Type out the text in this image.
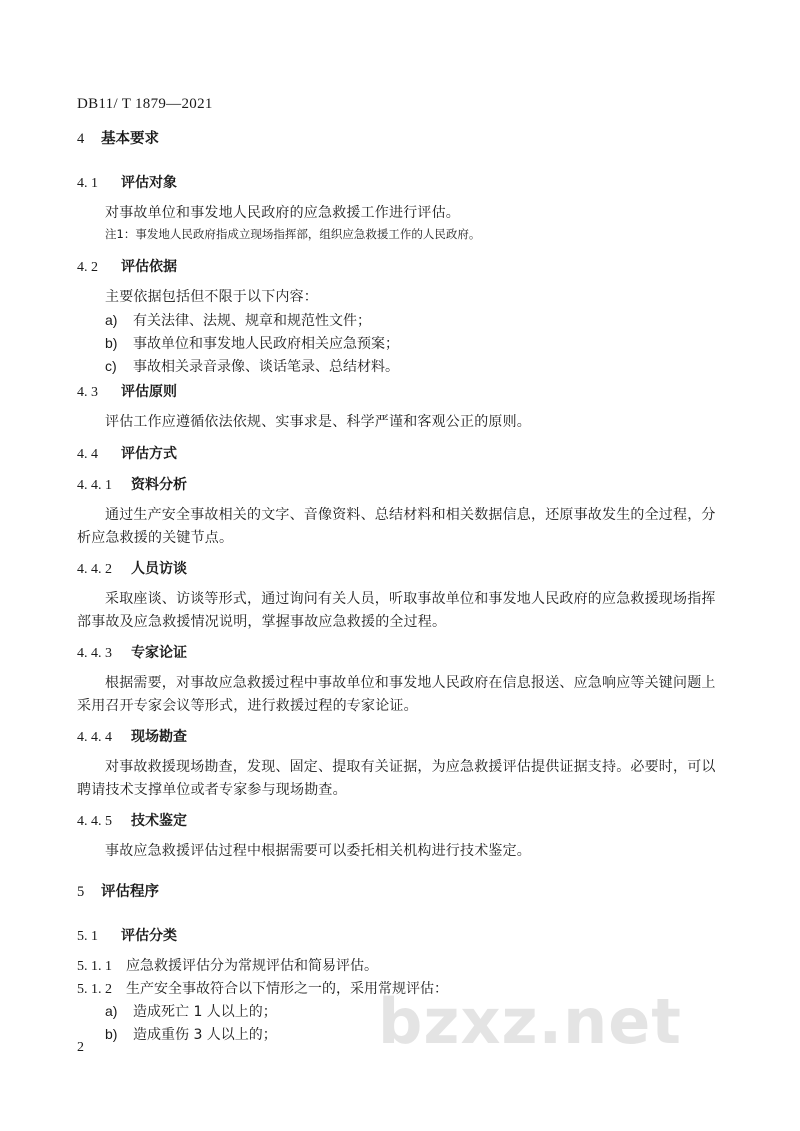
DB11/ T 1879—2021
4 基本要求
4. 1 评估对象
对事故单位和事发地人民政府的应急救援工作进行评估。
注1：事发地人民政府指成立现场指挥部，组织应急救援工作的人民政府。
4. 2 评估依据
主要依据包括但不限于以下内容：
a) 有关法律、法规、规章和规范性文件；
b) 事故单位和事发地人民政府相关应急预案；
c) 事故相关录音录像、谈话笔录、总结材料。
4. 3 评估原则
评估工作应遵循依法依规、实事求是、科学严谨和客观公正的原则。
4. 4 评估方式
4. 4. 1 资料分析
通过生产安全事故相关的文字、音像资料、总结材料和相关数据信息，还原事故发生的全过程，分
析应急救援的关键节点。
4. 4. 2 人员访谈
采取座谈、访谈等形式，通过询问有关人员，听取事故单位和事发地人民政府的应急救援现场指挥
部事故及应急救援情况说明，掌握事故应急救援的全过程。
4. 4. 3 专家论证
根据需要，对事故应急救援过程中事故单位和事发地人民政府在信息报送、应急响应等关键问题上
采用召开专家会议等形式，进行救援过程的专家论证。
4. 4. 4 现场勘查
对事故救援现场勘查，发现、固定、提取有关证据，为应急救援评估提供证据支持。必要时，可以
聘请技术支撑单位或者专家参与现场勘查。
4. 4. 5 技术鉴定
事故应急救援评估过程中根据需要可以委托相关机构进行技术鉴定。
5 评估程序
5. 1 评估分类
5. 1. 1 应急救援评估分为常规评估和简易评估。
5. 1. 2 生产安全事故符合以下情形之一的，采用常规评估：
a) 造成死亡 1 人以上的；
b) 造成重伤 3 人以上的； bzxz.net
2
